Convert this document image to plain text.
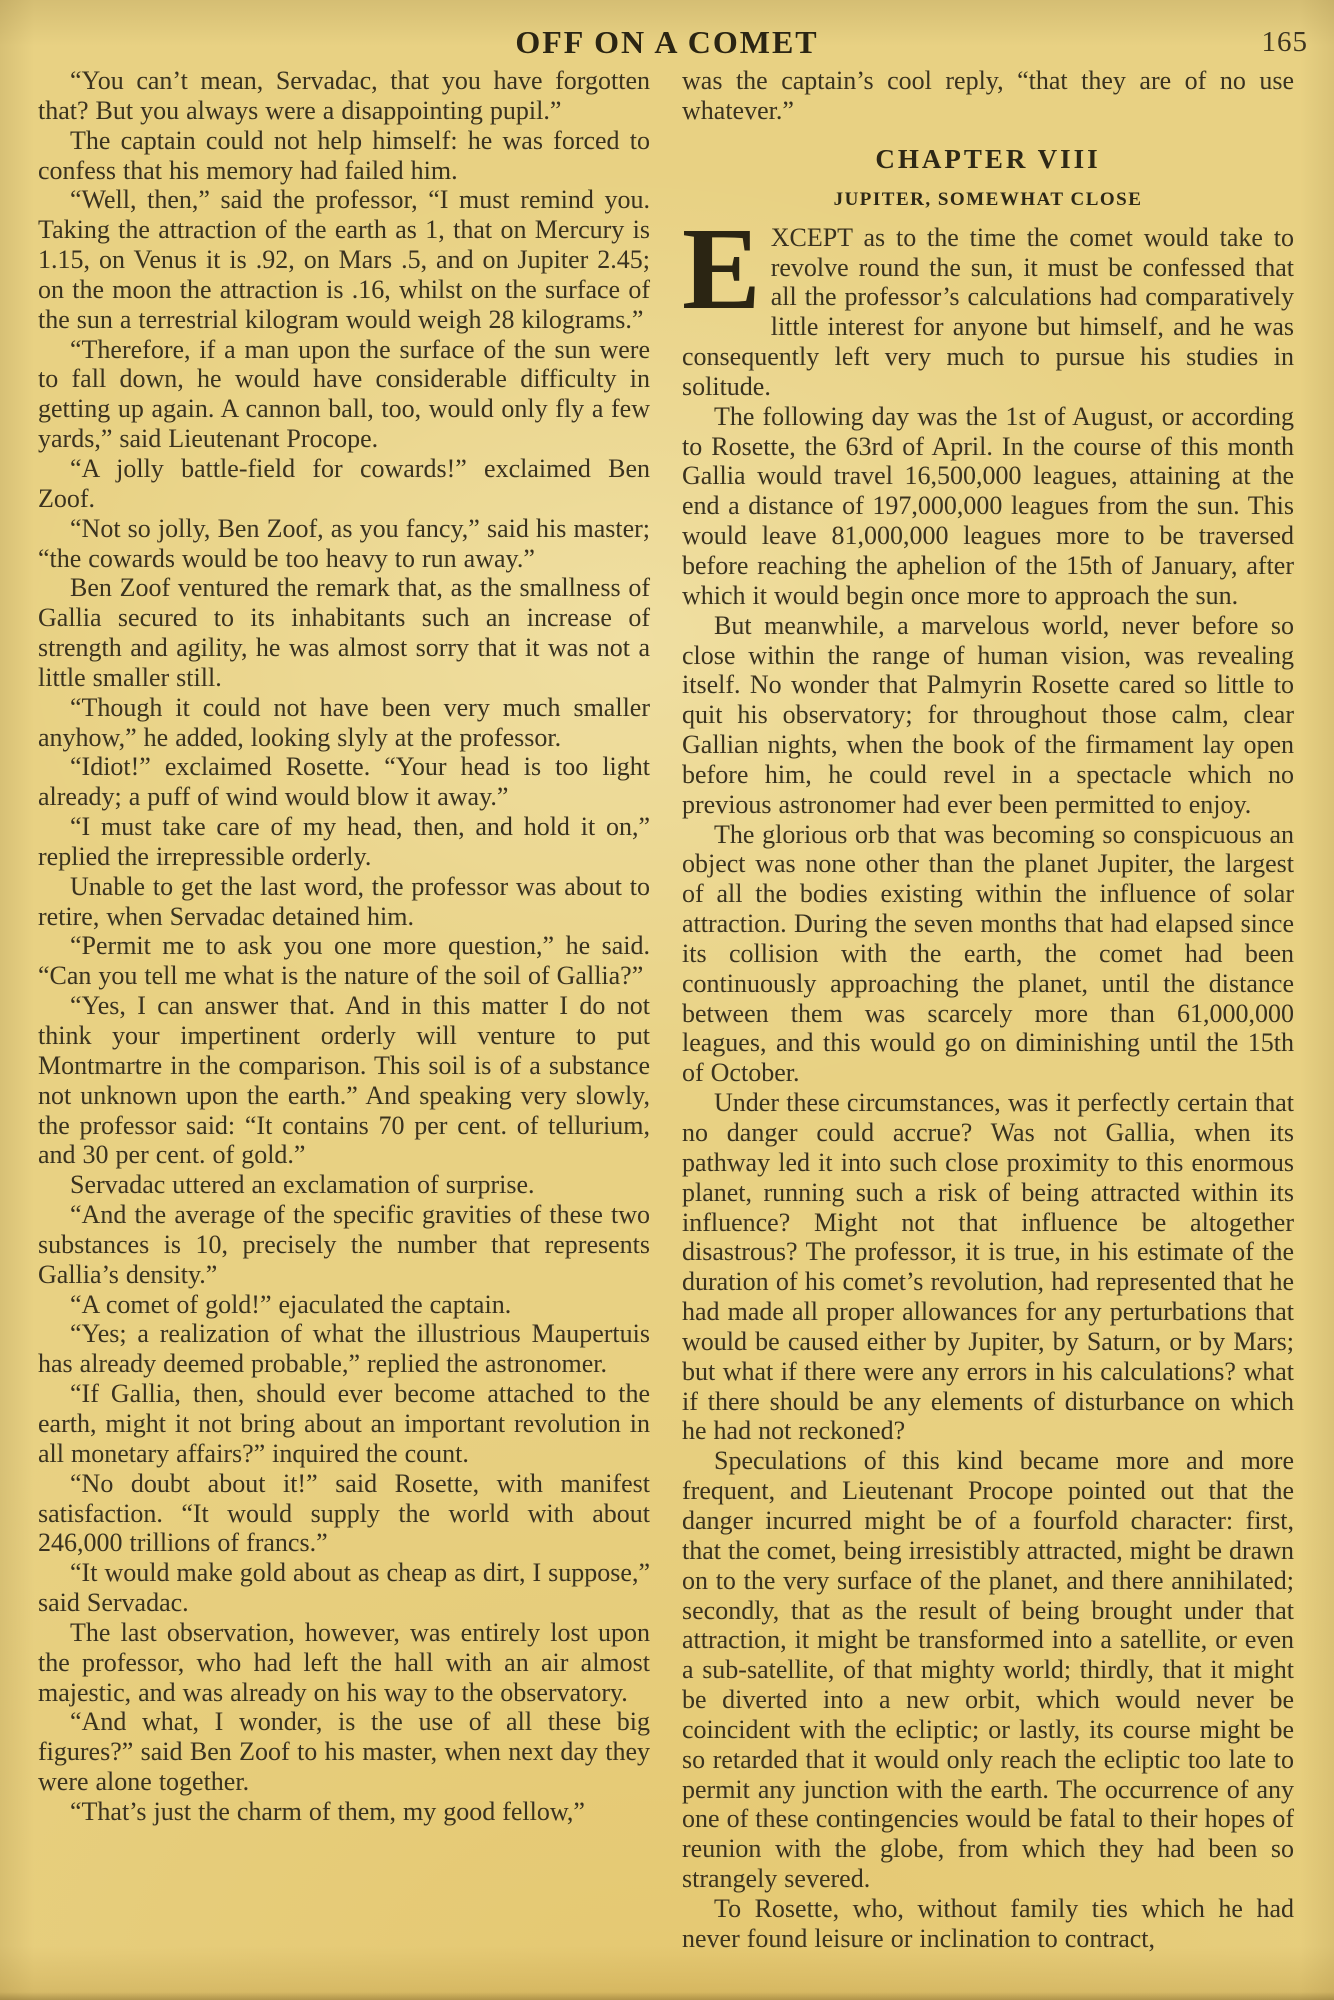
OFF ON A COMET	165

“You can’t mean, Servadac, that you have forgotten that? But you always were a disappointing pupil.”

The captain could not help himself: he was forced to confess that his memory had failed him.

“Well, then,” said the professor, “I must remind you. Taking the attraction of the earth as 1, that on Mercury is 1.15, on Venus it is .92, on Mars .5, and on Jupiter 2.45; on the moon the attraction is .16, whilst on the surface of the sun a terrestrial kilogram would weigh 28 kilograms.”

“Therefore, if a man upon the surface of the sun were to fall down, he would have considerable difficulty in getting up again. A cannon ball, too, would only fly a few yards,” said Lieutenant Procope.

“A jolly battle-field for cowards!” exclaimed Ben Zoof.

“Not so jolly, Ben Zoof, as you fancy,” said his master; “the cowards would be too heavy to run away.”

Ben Zoof ventured the remark that, as the smallness of Gallia secured to its inhabitants such an increase of strength and agility, he was almost sorry that it was not a little smaller still.

“Though it could not have been very much smaller anyhow,” he added, looking slyly at the professor.

“Idiot!” exclaimed Rosette. “Your head is too light already; a puff of wind would blow it away.”

“I must take care of my head, then, and hold it on,” replied the irrepressible orderly.

Unable to get the last word, the professor was about to retire, when Servadac detained him.

“Permit me to ask you one more question,” he said. “Can you tell me what is the nature of the soil of Gallia?”

“Yes, I can answer that. And in this matter I do not think your impertinent orderly will venture to put Montmartre in the comparison. This soil is of a substance not unknown upon the earth.” And speaking very slowly, the professor said: “It contains 70 per cent. of tellurium, and 30 per cent. of gold.”

Servadac uttered an exclamation of surprise.

“And the average of the specific gravities of these two substances is 10, precisely the number that represents Gallia’s density.”

“A comet of gold!” ejaculated the captain.

“Yes; a realization of what the illustrious Maupertuis has already deemed probable,” replied the astronomer.

“If Gallia, then, should ever become attached to the earth, might it not bring about an important revolution in all monetary affairs?” inquired the count.

“No doubt about it!” said Rosette, with manifest satisfaction. “It would supply the world with about 246,000 trillions of francs.”

“It would make gold about as cheap as dirt, I suppose,” said Servadac.

The last observation, however, was entirely lost upon the professor, who had left the hall with an air almost majestic, and was already on his way to the observatory.

“And what, I wonder, is the use of all these big figures?” said Ben Zoof to his master, when next day they were alone together.

“That’s just the charm of them, my good fellow,”

was the captain’s cool reply, “that they are of no use whatever.”

CHAPTER VIII
JUPITER, SOMEWHAT CLOSE

EXCEPT as to the time the comet would take to revolve round the sun, it must be confessed that all the professor’s calculations had comparatively little interest for anyone but himself, and he was consequently left very much to pursue his studies in solitude.

The following day was the 1st of August, or according to Rosette, the 63rd of April. In the course of this month Gallia would travel 16,500,000 leagues, attaining at the end a distance of 197,000,000 leagues from the sun. This would leave 81,000,000 leagues more to be traversed before reaching the aphelion of the 15th of January, after which it would begin once more to approach the sun.

But meanwhile, a marvelous world, never before so close within the range of human vision, was revealing itself. No wonder that Palmyrin Rosette cared so little to quit his observatory; for throughout those calm, clear Gallian nights, when the book of the firmament lay open before him, he could revel in a spectacle which no previous astronomer had ever been permitted to enjoy.

The glorious orb that was becoming so conspicuous an object was none other than the planet Jupiter, the largest of all the bodies existing within the influence of solar attraction. During the seven months that had elapsed since its collision with the earth, the comet had been continuously approaching the planet, until the distance between them was scarcely more than 61,000,000 leagues, and this would go on diminishing until the 15th of October.

Under these circumstances, was it perfectly certain that no danger could accrue? Was not Gallia, when its pathway led it into such close proximity to this enormous planet, running such a risk of being attracted within its influence? Might not that influence be altogether disastrous? The professor, it is true, in his estimate of the duration of his comet’s revolution, had represented that he had made all proper allowances for any perturbations that would be caused either by Jupiter, by Saturn, or by Mars; but what if there were any errors in his calculations? what if there should be any elements of disturbance on which he had not reckoned?

Speculations of this kind became more and more frequent, and Lieutenant Procope pointed out that the danger incurred might be of a fourfold character: first, that the comet, being irresistibly attracted, might be drawn on to the very surface of the planet, and there annihilated; secondly, that as the result of being brought under that attraction, it might be transformed into a satellite, or even a sub-satellite, of that mighty world; thirdly, that it might be diverted into a new orbit, which would never be coincident with the ecliptic; or lastly, its course might be so retarded that it would only reach the ecliptic too late to permit any junction with the earth. The occurrence of any one of these contingencies would be fatal to their hopes of reunion with the globe, from which they had been so strangely severed.

To Rosette, who, without family ties which he had never found leisure or inclination to contract,
